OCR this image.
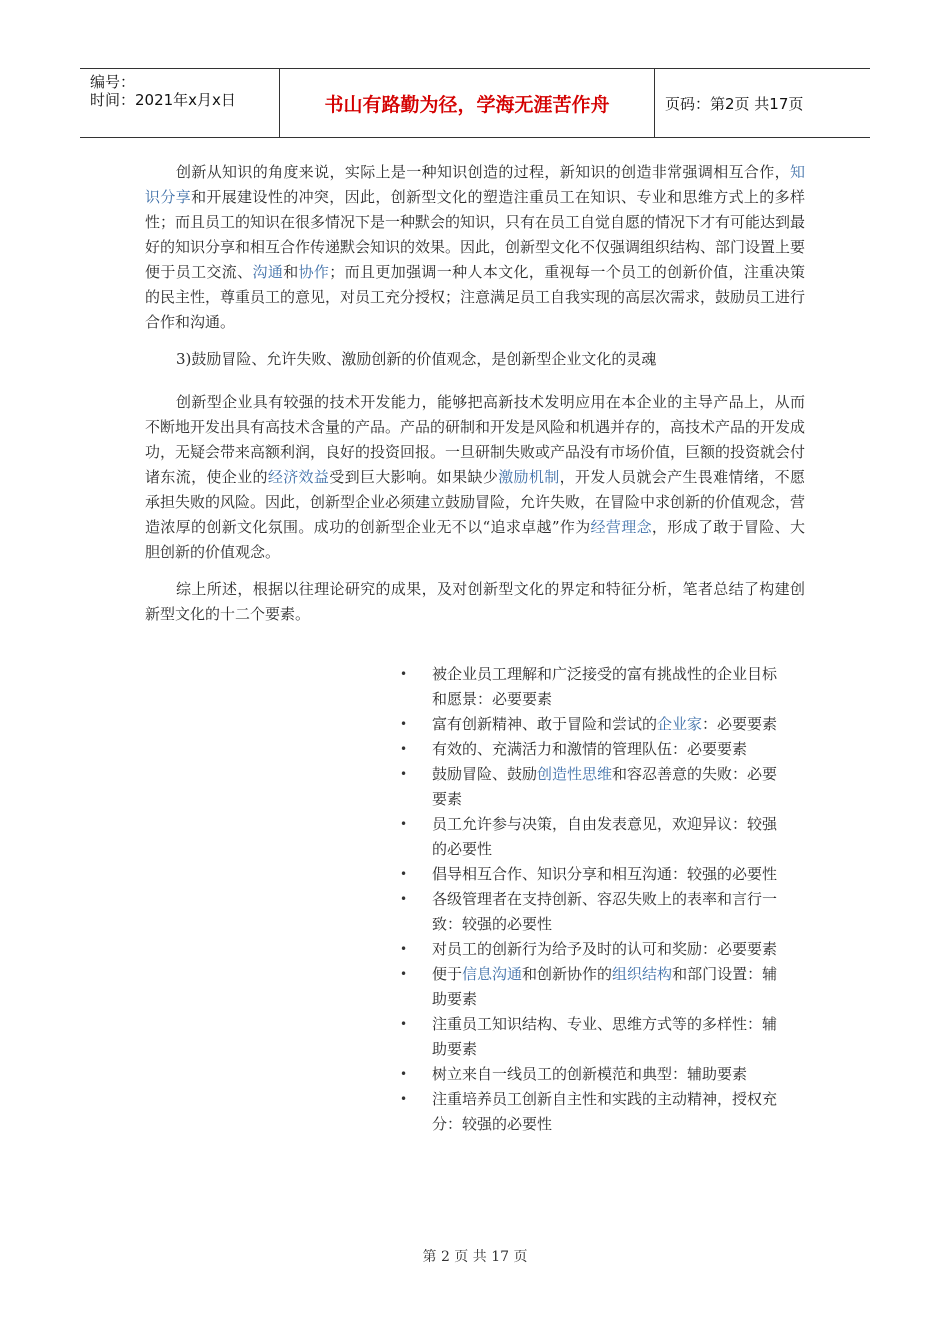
编号：
时间：2021年x月x日	书山有路勤为径，学海无涯苦作舟	页码：第2页 共17页

创新从知识的角度来说，实际上是一种知识创造的过程，新知识的创造非常强调相互合作，知识分享和开展建设性的冲突，因此，创新型文化的塑造注重员工在知识、专业和思维方式上的多样性；而且员工的知识在很多情况下是一种默会的知识，只有在员工自觉自愿的情况下才有可能达到最好的知识分享和相互合作传递默会知识的效果。因此，创新型文化不仅强调组织结构、部门设置上要便于员工交流、沟通和协作；而且更加强调一种人本文化，重视每一个员工的创新价值，注重决策的民主性，尊重员工的意见，对员工充分授权；注意满足员工自我实现的高层次需求，鼓励员工进行合作和沟通。

3)鼓励冒险、允许失败、激励创新的价值观念，是创新型企业文化的灵魂

创新型企业具有较强的技术开发能力，能够把高新技术发明应用在本企业的主导产品上，从而不断地开发出具有高技术含量的产品。产品的研制和开发是风险和机遇并存的，高技术产品的开发成功，无疑会带来高额利润，良好的投资回报。一旦研制失败或产品没有市场价值，巨额的投资就会付诸东流，使企业的经济效益受到巨大影响。如果缺少激励机制，开发人员就会产生畏难情绪，不愿承担失败的风险。因此，创新型企业必须建立鼓励冒险，允许失败，在冒险中求创新的价值观念，营造浓厚的创新文化氛围。成功的创新型企业无不以“追求卓越”作为经营理念，形成了敢于冒险、大胆创新的价值观念。

综上所述，根据以往理论研究的成果，及对创新型文化的界定和特征分析，笔者总结了构建创新型文化的十二个要素。

• 被企业员工理解和广泛接受的富有挑战性的企业目标和愿景：必要要素
• 富有创新精神、敢于冒险和尝试的企业家：必要要素
• 有效的、充满活力和激情的管理队伍：必要要素
• 鼓励冒险、鼓励创造性思维和容忍善意的失败：必要要素
• 员工允许参与决策，自由发表意见，欢迎异议：较强的必要性
• 倡导相互合作、知识分享和相互沟通：较强的必要性
• 各级管理者在支持创新、容忍失败上的表率和言行一致：较强的必要性
• 对员工的创新行为给予及时的认可和奖励：必要要素
• 便于信息沟通和创新协作的组织结构和部门设置：辅助要素
• 注重员工知识结构、专业、思维方式等的多样性：辅助要素
• 树立来自一线员工的创新模范和典型：辅助要素
• 注重培养员工创新自主性和实践的主动精神，授权充分：较强的必要性
第 2 页 共 17 页
